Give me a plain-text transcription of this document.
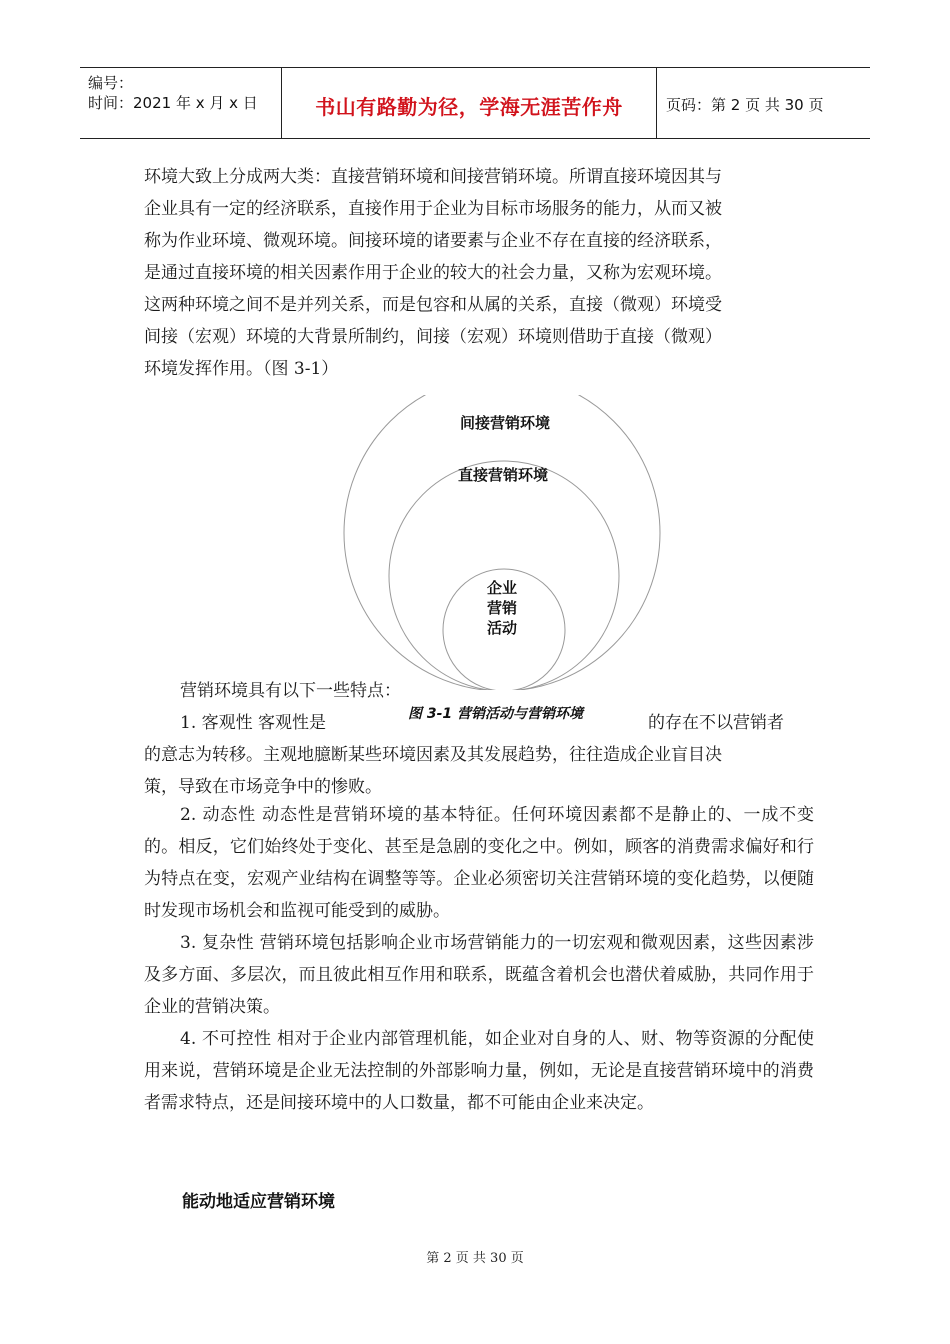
编号：
时间：2021 年 x 月 x 日	书山有路勤为径，学海无涯苦作舟	页码：第 2 页 共 30 页
环境大致上分成两大类：直接营销环境和间接营销环境。所谓直接环境因其与
企业具有一定的经济联系，直接作用于企业为目标市场服务的能力，从而又被
称为作业环境、微观环境。间接环境的诸要素与企业不存在直接的经济联系，
是通过直接环境的相关因素作用于企业的较大的社会力量，又称为宏观环境。
这两种环境之间不是并列关系，而是包容和从属的关系，直接（微观）环境受
间接（宏观）环境的大背景所制约，间接（宏观）环境则借助于直接（微观）
环境发挥作用。（图 3-1）
间接营销环境
直接营销环境
企业
营销
活动
营销环境具有以下一些特点：
图 3-1 营销活动与营销环境
1. 客观性 客观性是	的存在不以营销者
的意志为转移。主观地臆断某些环境因素及其发展趋势，往往造成企业盲目决
策，导致在市场竞争中的惨败。

2. 动态性 动态性是营销环境的基本特征。任何环境因素都不是静止的、一成不变的。相反，它们始终处于变化、甚至是急剧的变化之中。例如，顾客的消费需求偏好和行为特点在变，宏观产业结构在调整等等。企业必须密切关注营销环境的变化趋势，以便随时发现市场机会和监视可能受到的威胁。

3. 复杂性 营销环境包括影响企业市场营销能力的一切宏观和微观因素，这些因素涉及多方面、多层次，而且彼此相互作用和联系，既蕴含着机会也潜伏着威胁，共同作用于企业的营销决策。

4. 不可控性 相对于企业内部管理机能，如企业对自身的人、财、物等资源的分配使用来说，营销环境是企业无法控制的外部影响力量，例如，无论是直接营销环境中的消费者需求特点，还是间接环境中的人口数量，都不可能由企业来决定。

能动地适应营销环境
第 2 页 共 30 页
